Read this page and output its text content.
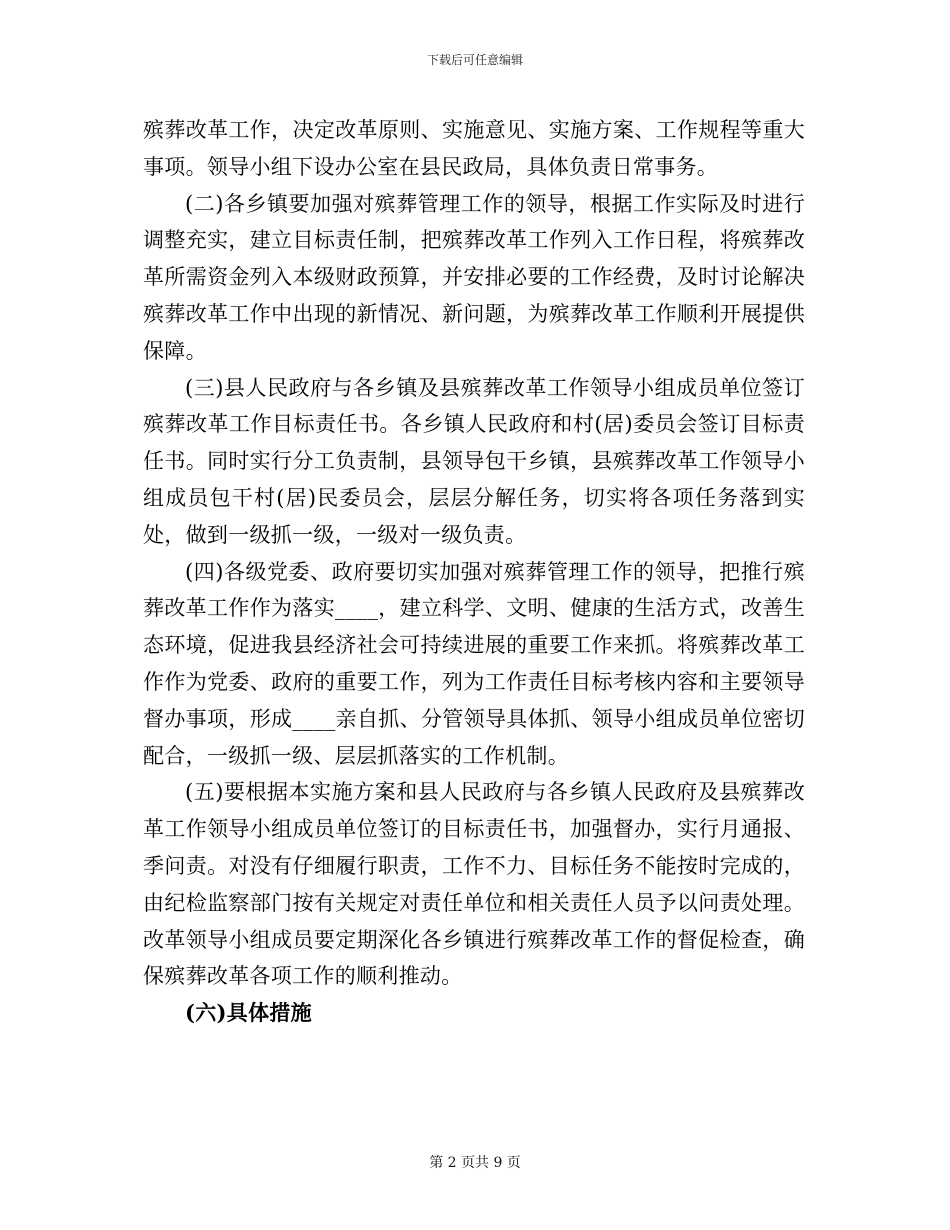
下载后可任意编辑

殡葬改革工作，决定改革原则、实施意见、实施方案、工作规程等重大事项。领导小组下设办公室在县民政局，具体负责日常事务。

(二)各乡镇要加强对殡葬管理工作的领导，根据工作实际及时进行调整充实，建立目标责任制，把殡葬改革工作列入工作日程，将殡葬改革所需资金列入本级财政预算，并安排必要的工作经费，及时讨论解决殡葬改革工作中出现的新情况、新问题，为殡葬改革工作顺利开展提供保障。

(三)县人民政府与各乡镇及县殡葬改革工作领导小组成员单位签订殡葬改革工作目标责任书。各乡镇人民政府和村(居)委员会签订目标责任书。同时实行分工负责制，县领导包干乡镇，县殡葬改革工作领导小组成员包干村(居)民委员会，层层分解任务，切实将各项任务落到实处，做到一级抓一级，一级对一级负责。

(四)各级党委、政府要切实加强对殡葬管理工作的领导，把推行殡葬改革工作作为落实____，建立科学、文明、健康的生活方式，改善生态环境，促进我县经济社会可持续进展的重要工作来抓。将殡葬改革工作作为党委、政府的重要工作，列为工作责任目标考核内容和主要领导督办事项，形成____亲自抓、分管领导具体抓、领导小组成员单位密切配合，一级抓一级、层层抓落实的工作机制。

(五)要根据本实施方案和县人民政府与各乡镇人民政府及县殡葬改革工作领导小组成员单位签订的目标责任书，加强督办，实行月通报、季问责。对没有仔细履行职责，工作不力、目标任务不能按时完成的，由纪检监察部门按有关规定对责任单位和相关责任人员予以问责处理。改革领导小组成员要定期深化各乡镇进行殡葬改革工作的督促检查，确保殡葬改革各项工作的顺利推动。

(六)具体措施

第 2 页共 9 页
